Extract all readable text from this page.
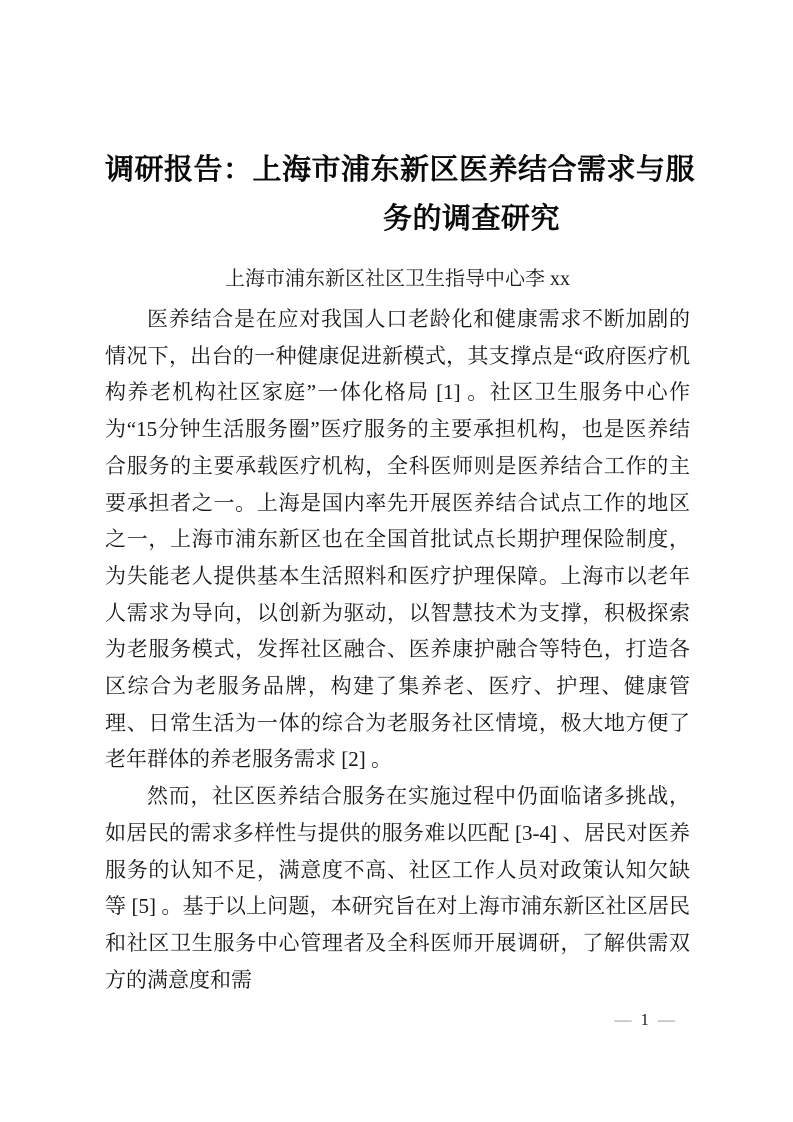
调研报告：上海市浦东新区医养结合需求与服
务的调查研究
上海市浦东新区社区卫生指导中心李 xx

医养结合是在应对我国人口老龄化和健康需求不断加剧的情况下，出台的一种健康促进新模式，其支撑点是“政府医疗机构养老机构社区家庭”一体化格局 [1] 。社区卫生服务中心作为“15分钟生活服务圈”医疗服务的主要承担机构，也是医养结合服务的主要承载医疗机构，全科医师则是医养结合工作的主要承担者之一。上海是国内率先开展医养结合试点工作的地区之一，上海市浦东新区也在全国首批试点长期护理保险制度，为失能老人提供基本生活照料和医疗护理保障。上海市以老年人需求为导向，以创新为驱动，以智慧技术为支撑，积极探索为老服务模式，发挥社区融合、医养康护融合等特色，打造各区综合为老服务品牌，构建了集养老、医疗、护理、健康管理、日常生活为一体的综合为老服务社区情境，极大地方便了老年群体的养老服务需求 [2] 。

然而，社区医养结合服务在实施过程中仍面临诸多挑战，如居民的需求多样性与提供的服务难以匹配 [3-4] 、居民对医养服务的认知不足，满意度不高、社区工作人员对政策认知欠缺等 [5] 。基于以上问题，本研究旨在对上海市浦东新区社区居民和社区卫生服务中心管理者及全科医师开展调研，了解供需双方的满意度和需

— 1 —
